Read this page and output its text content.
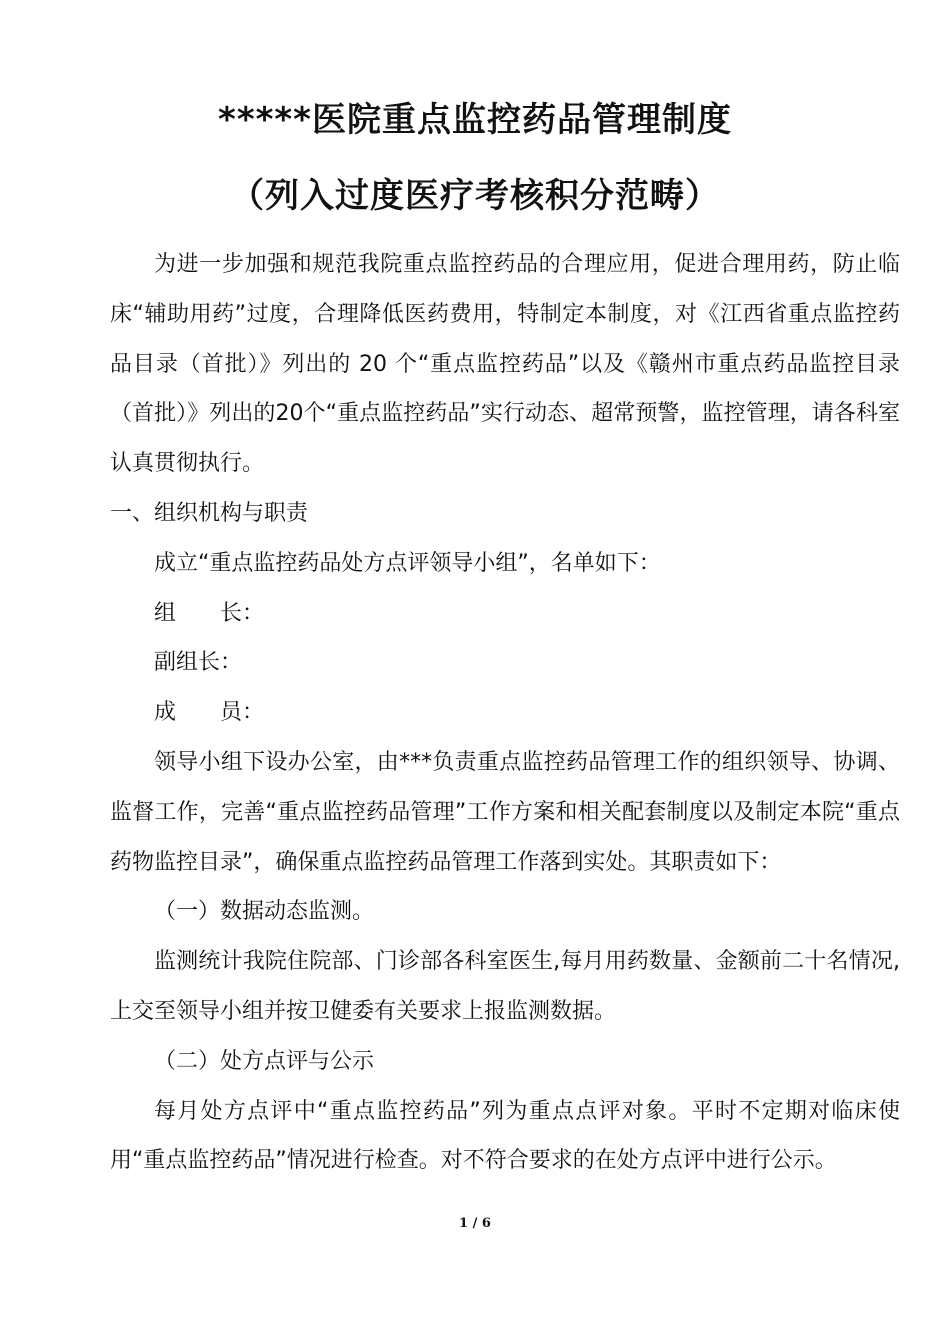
*****医院重点监控药品管理制度
（列入过度医疗考核积分范畴）

为进一步加强和规范我院重点监控药品的合理应用，促进合理用药，防止临床“辅助用药”过度，合理降低医药费用，特制定本制度，对《江西省重点监控药品目录（首批）》列出的 20 个“重点监控药品”以及《赣州市重点药品监控目录（首批）》列出的20个“重点监控药品”实行动态、超常预警，监控管理，请各科室认真贯彻执行。

一、组织机构与职责

成立“重点监控药品处方点评领导小组”，名单如下：

组　　长：

副组长：

成　　员：

领导小组下设办公室，由***负责重点监控药品管理工作的组织领导、协调、监督工作，完善“重点监控药品管理”工作方案和相关配套制度以及制定本院“重点药物监控目录”，确保重点监控药品管理工作落到实处。其职责如下：

（一）数据动态监测。

监测统计我院住院部、门诊部各科室医生,每月用药数量、金额前二十名情况,上交至领导小组并按卫健委有关要求上报监测数据。

（二）处方点评与公示

每月处方点评中“重点监控药品”列为重点点评对象。平时不定期对临床使用“重点监控药品”情况进行检查。对不符合要求的在处方点评中进行公示。

1 / 6
